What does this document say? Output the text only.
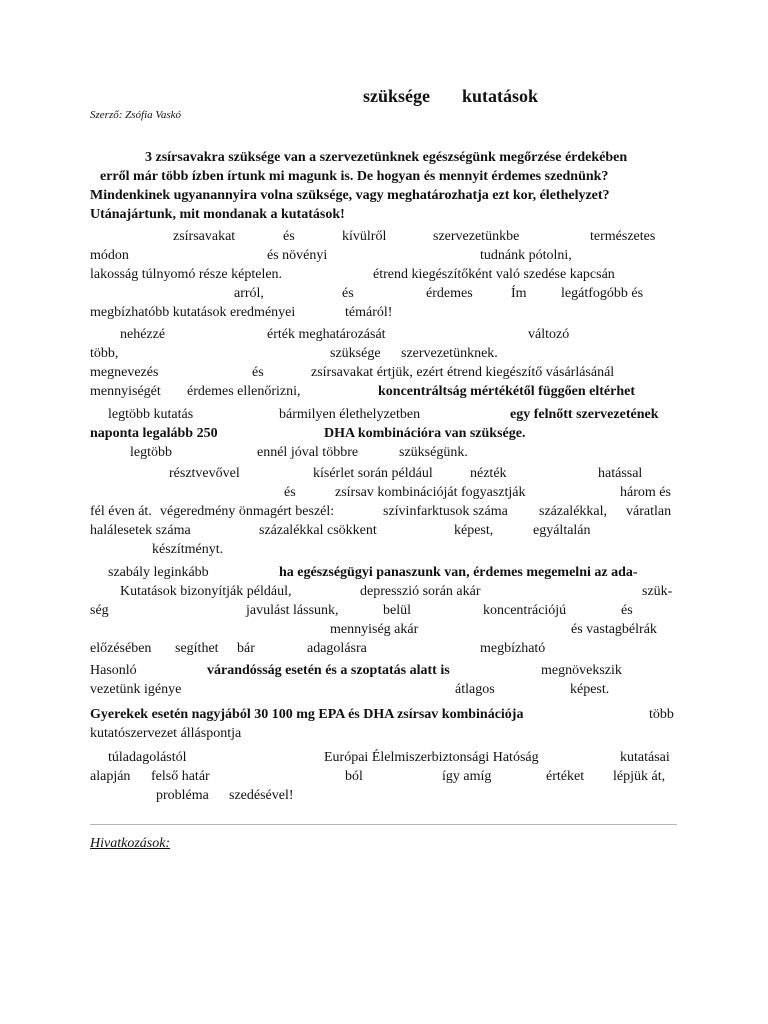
szüksége kutatások
Szerző: Zsófia Vaskó
3 zsírsavakra szüksége van a szervezetünknek egészségünk megőrzése érdekében
erről már több ízben írtunk mi magunk is. De hogyan és mennyit érdemes szednünk?
Mindenkinek ugyanannyira volna szüksége, vagy meghatározhatja ezt kor, élethelyzet?
Utánajártunk, mit mondanak a kutatások!
zsírsavakat	és	kívülről	szervezetünkbe	természetes
módon	és növényi	tudnánk pótolni,
lakosság túlnyomó része képtelen.	étrend kiegészítőként való szedése kapcsán
arról,	és	érdemes	Ím legátfogóbb és
megbízhatóbb kutatások eredményei	témáról!
nehézzé	érték meghatározását	változó
több,	szüksége szervezetünknek.
megnevezés	és	zsírsavakat értjük, ezért étrend kiegészítő vásárlásánál
mennyiségét érdemes ellenőrizni,	koncentráltság mértékétől függően eltérhet
legtöbb kutatás	bármilyen élethelyzetben	egy felnőtt szervezetének
naponta legalább 250	DHA kombinációra van szüksége.
legtöbb	ennél jóval többre	szükségünk.
résztvevővel	kísérlet során például	nézték	hatással
és	zsírsav kombinációját fogyasztják	három és
fél éven át. végeredmény önmagért beszél:	szívinfarktusok száma százalékkal, váratlan
halálesetek száma	százalékkal csökkent	képest,	egyáltalán
készítményt.
szabály leginkább	ha egészségügyi panaszunk van, érdemes megemelni az ada-
Kutatások bizonyítják például,	depresszió során akár	szük-
ség	javulást lássunk,	belül	koncentrációjú	és
mennyiség akár	és vastagbélrák
előzésében segíthet bár	adagolásra	megbízható
Hasonló	várandósság esetén és a szoptatás alatt is	megnövekszik
vezetünk igénye	átlagos	képest.
Gyerekek esetén nagyjából 30 100 mg EPA és DHA zsírsav kombinációja	több
kutatószervezet álláspontja
túladagolástól	Európai Élelmiszerbiztonsági Hatóság	kutatásai
alapján felső határ	ból	így amíg	értéket lépjük át,
probléma szedésével!
Hivatkozások:
